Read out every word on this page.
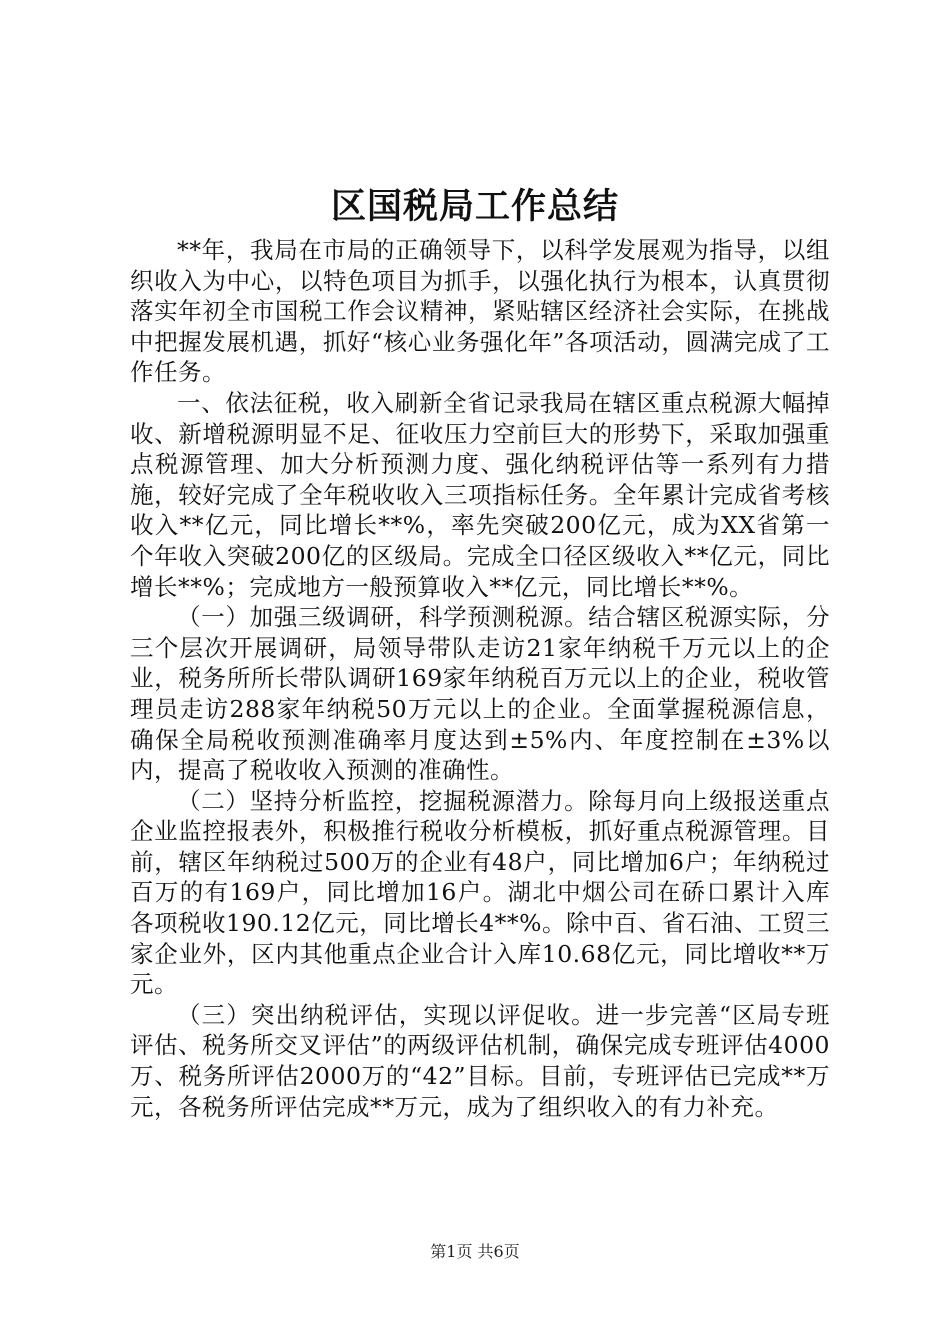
区国税局工作总结

**年，我局在市局的正确领导下，以科学发展观为指导，以组织收入为中心，以特色项目为抓手，以强化执行为根本，认真贯彻落实年初全市国税工作会议精神，紧贴辖区经济社会实际，在挑战中把握发展机遇，抓好“核心业务强化年”各项活动，圆满完成了工作任务。

一、依法征税，收入刷新全省记录我局在辖区重点税源大幅掉收、新增税源明显不足、征收压力空前巨大的形势下，采取加强重点税源管理、加大分析预测力度、强化纳税评估等一系列有力措施，较好完成了全年税收收入三项指标任务。全年累计完成省考核收入**亿元，同比增长**%，率先突破200亿元，成为XX省第一个年收入突破200亿的区级局。完成全口径区级收入**亿元，同比增长**%；完成地方一般预算收入**亿元，同比增长**%。

（一）加强三级调研，科学预测税源。结合辖区税源实际，分三个层次开展调研，局领导带队走访21家年纳税千万元以上的企业，税务所所长带队调研169家年纳税百万元以上的企业，税收管理员走访288家年纳税50万元以上的企业。全面掌握税源信息，确保全局税收预测准确率月度达到±5%内、年度控制在±3%以内，提高了税收收入预测的准确性。

（二）坚持分析监控，挖掘税源潜力。除每月向上级报送重点企业监控报表外，积极推行税收分析模板，抓好重点税源管理。目前，辖区年纳税过500万的企业有48户，同比增加6户；年纳税过百万的有169户，同比增加16户。湖北中烟公司在硚口累计入库各项税收190.12亿元，同比增长4**%。除中百、省石油、工贸三家企业外，区内其他重点企业合计入库10.68亿元，同比增收**万元。

（三）突出纳税评估，实现以评促收。进一步完善“区局专班评估、税务所交叉评估”的两级评估机制，确保完成专班评估4000万、税务所评估2000万的“42”目标。目前，专班评估已完成**万元，各税务所评估完成**万元，成为了组织收入的有力补充。

第1页 共6页
